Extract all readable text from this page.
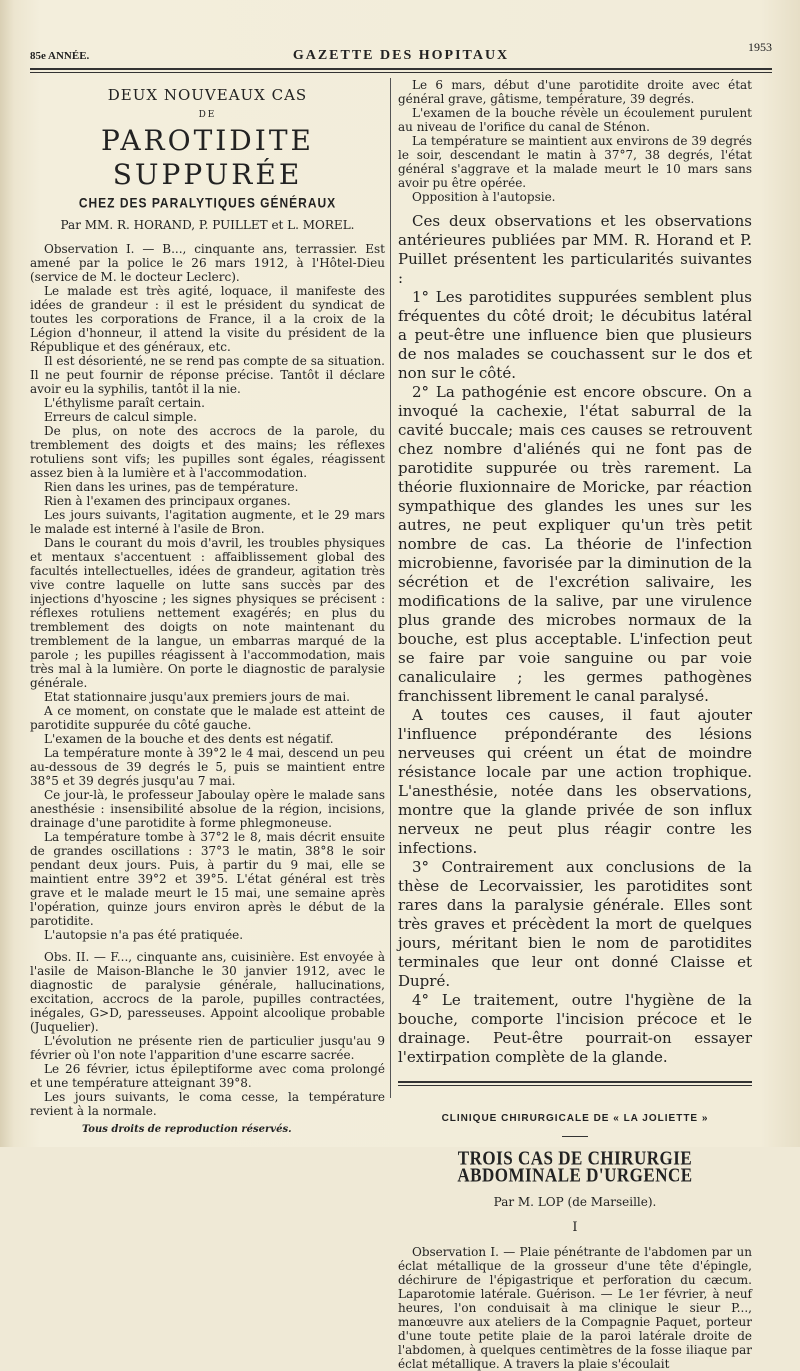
85e ANNÉE.	GAZETTE DES HOPITAUX
1953
DEUX NOUVEAUX CAS
DE
PAROTIDITE SUPPURÉE
CHEZ DES PARALYTIQUES GÉNÉRAUX
Par MM. R. HORAND, P. PUILLET et L. MOREL.

Observation I. — B..., cinquante ans, terrassier. Est amené par la police le 26 mars 1912, à l'Hôtel-Dieu (service de M. le docteur Leclerc).

Le malade est très agité, loquace, il manifeste des idées de grandeur : il est le président du syndicat de toutes les corporations de France, il a la croix de la Légion d'honneur, il attend la visite du président de la République et des généraux, etc.

Il est désorienté, ne se rend pas compte de sa situation. Il ne peut fournir de réponse précise. Tantôt il déclare avoir eu la syphilis, tantôt il la nie.

L'éthylisme paraît certain.

Erreurs de calcul simple.

De plus, on note des accrocs de la parole, du tremblement des doigts et des mains; les réflexes rotuliens sont vifs; les pupilles sont égales, réagissent assez bien à la lumière et à l'accommodation.

Rien dans les urines, pas de température.

Rien à l'examen des principaux organes.

Les jours suivants, l'agitation augmente, et le 29 mars le malade est interné à l'asile de Bron.

Dans le courant du mois d'avril, les troubles physiques et mentaux s'accentuent : affaiblissement global des facultés intellectuelles, idées de grandeur, agitation très vive contre laquelle on lutte sans succès par des injections d'hyoscine ; les signes physiques se précisent : réflexes rotuliens nettement exagérés; en plus du tremblement des doigts on note maintenant du tremblement de la langue, un embarras marqué de la parole ; les pupilles réagissent à l'accommodation, mais très mal à la lumière. On porte le diagnostic de paralysie générale.

Etat stationnaire jusqu'aux premiers jours de mai.

A ce moment, on constate que le malade est atteint de parotidite suppurée du côté gauche.

L'examen de la bouche et des dents est négatif.

La température monte à 39°2 le 4 mai, descend un peu au-dessous de 39 degrés le 5, puis se maintient entre 38°5 et 39 degrés jusqu'au 7 mai.

Ce jour-là, le professeur Jaboulay opère le malade sans anesthésie : insensibilité absolue de la région, incisions, drainage d'une parotidite à forme phlegmoneuse.

La température tombe à 37°2 le 8, mais décrit ensuite de grandes oscillations : 37°3 le matin, 38°8 le soir pendant deux jours. Puis, à partir du 9 mai, elle se maintient entre 39°2 et 39°5. L'état général est très grave et le malade meurt le 15 mai, une semaine après l'opération, quinze jours environ après le début de la parotidite.

L'autopsie n'a pas été pratiquée.

Obs. II. — F..., cinquante ans, cuisinière. Est envoyée à l'asile de Maison-Blanche le 30 janvier 1912, avec le diagnostic de paralysie générale, hallucinations, excitation, accrocs de la parole, pupilles contractées, inégales, G>D, paresseuses. Appoint alcoolique probable (Juquelier).

L'évolution ne présente rien de particulier jusqu'au 9 février où l'on note l'apparition d'une escarre sacrée.

Le 26 février, ictus épileptiforme avec coma prolongé et une température atteignant 39°8.

Les jours suivants, le coma cesse, la température revient à la normale.

Le 6 mars, début d'une parotidite droite avec état général grave, gâtisme, température, 39 degrés.

L'examen de la bouche révèle un écoulement purulent au niveau de l'orifice du canal de Sténon.

La température se maintient aux environs de 39 degrés le soir, descendant le matin à 37°7, 38 degrés, l'état général s'aggrave et la malade meurt le 10 mars sans avoir pu être opérée.

Opposition à l'autopsie.

Ces deux observations et les observations antérieures publiées par MM. R. Horand et P. Puillet présentent les particularités suivantes :

1° Les parotidites suppurées semblent plus fréquentes du côté droit; le décubitus latéral a peut-être une influence bien que plusieurs de nos malades se couchassent sur le dos et non sur le côté.

2° La pathogénie est encore obscure. On a invoqué la cachexie, l'état saburral de la cavité buccale; mais ces causes se retrouvent chez nombre d'aliénés qui ne font pas de parotidite suppurée ou très rarement. La théorie fluxionnaire de Moricke, par réaction sympathique des glandes les unes sur les autres, ne peut expliquer qu'un très petit nombre de cas. La théorie de l'infection microbienne, favorisée par la diminution de la sécrétion et de l'excrétion salivaire, les modifications de la salive, par une virulence plus grande des microbes normaux de la bouche, est plus acceptable. L'infection peut se faire par voie sanguine ou par voie canaliculaire ; les germes pathogènes franchissent librement le canal paralysé.

A toutes ces causes, il faut ajouter l'influence prépondérante des lésions nerveuses qui créent un état de moindre résistance locale par une action trophique. L'anesthésie, notée dans les observations, montre que la glande privée de son influx nerveux ne peut plus réagir contre les infections.

3° Contrairement aux conclusions de la thèse de Lecorvaissier, les parotidites sont rares dans la paralysie générale. Elles sont très graves et précèdent la mort de quelques jours, méritant bien le nom de parotidites terminales que leur ont donné Claisse et Dupré.

4° Le traitement, outre l'hygiène de la bouche, comporte l'incision précoce et le drainage. Peut-être pourrait-on essayer l'extirpation complète de la glande.

CLINIQUE CHIRURGICALE DE « LA JOLIETTE »
TROIS CAS DE CHIRURGIE ABDOMINALE D'URGENCE
Par M. LOP (de Marseille).
I

Observation I. — Plaie pénétrante de l'abdomen par un éclat métallique de la grosseur d'une tête d'épingle, déchirure de l'épigastrique et perforation du cæcum. Laparotomie latérale. Guérison. — Le 1er février, à neuf heures, l'on conduisait à ma clinique le sieur P..., manœuvre aux ateliers de la Compagnie Paquet, porteur d'une toute petite plaie de la paroi latérale droite de l'abdomen, à quelques centimètres de la fosse iliaque par éclat métallique. A travers la plaie s'écoulait

Tous droits de reproduction réservés.
